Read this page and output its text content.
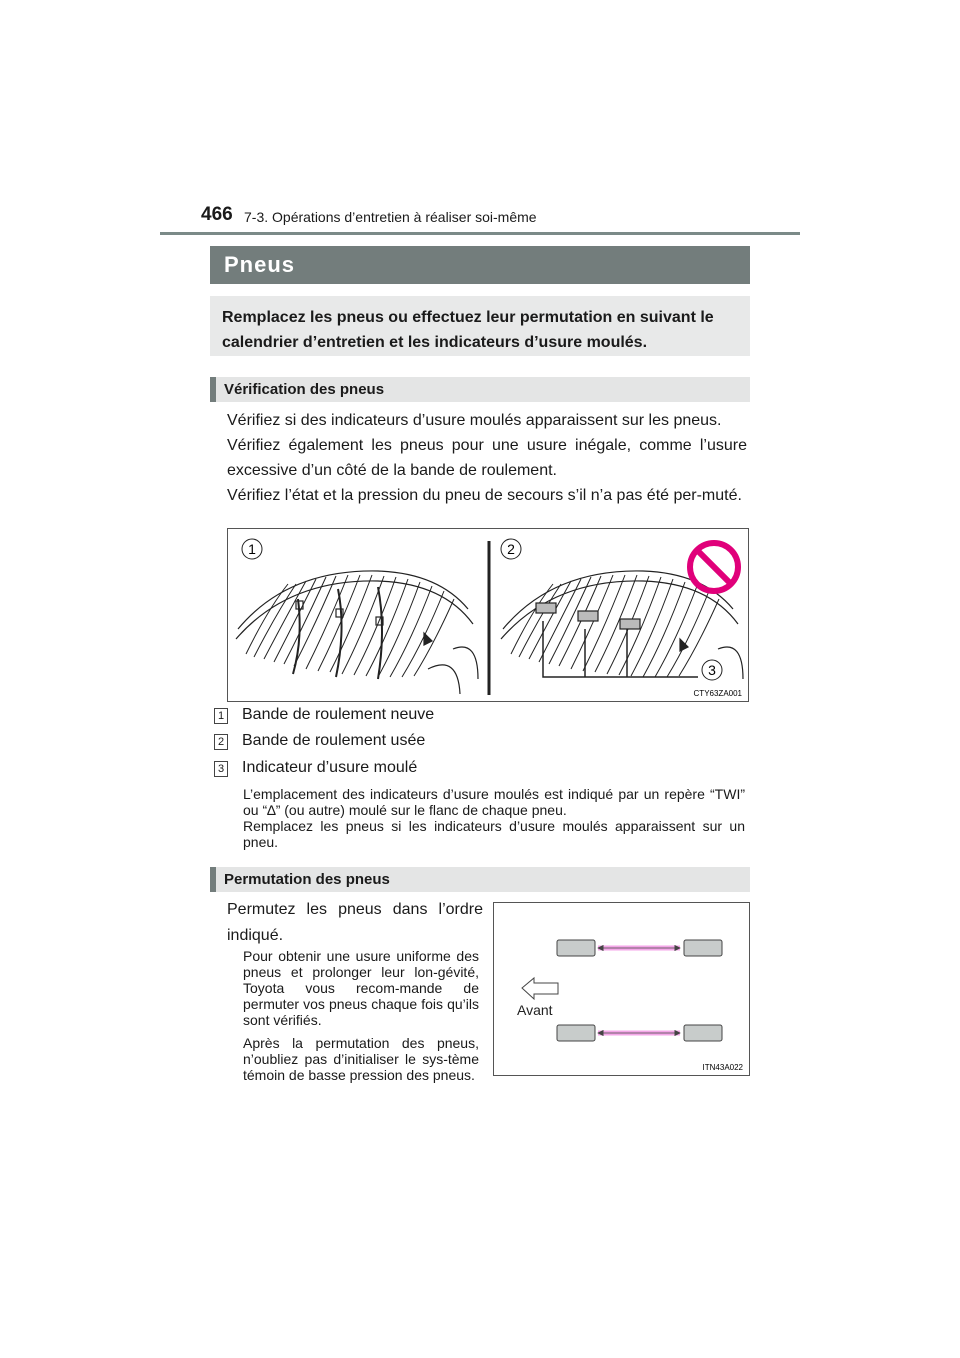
466 7-3. Opérations d’entretien à réaliser soi-même
Pneus

Remplacez les pneus ou effectuez leur permutation en suivant le calendrier d’entretien et les indicateurs d’usure moulés.

Vérification des pneus

Vérifiez si des indicateurs d’usure moulés apparaissent sur les pneus.

Vérifiez également les pneus pour une usure inégale, comme l’usure excessive d’un côté de la bande de roulement.

Vérifiez l’état et la pression du pneu de secours s’il n’a pas été per-muté.

1	2
3
CTY63ZA001
1 Bande de roulement neuve
2 Bande de roulement usée
3 Indicateur d’usure moulé

L’emplacement des indicateurs d’usure moulés est indiqué par un repère “TWI” ou “∆” (ou autre) moulé sur le flanc de chaque pneu.

Remplacez les pneus si les indicateurs d’usure moulés apparaissent sur un pneu.

Permutation des pneus
Permutez les pneus dans l’ordre indiqué.

Pour obtenir une usure uniforme des pneus et prolonger leur lon-gévité, Toyota vous recom-mande de permuter vos pneus chaque fois qu’ils sont vérifiés.

Après la permutation des pneus, n’oubliez pas d’initialiser le sys-tème témoin de basse pression des pneus.

Avant
ITN43A022
